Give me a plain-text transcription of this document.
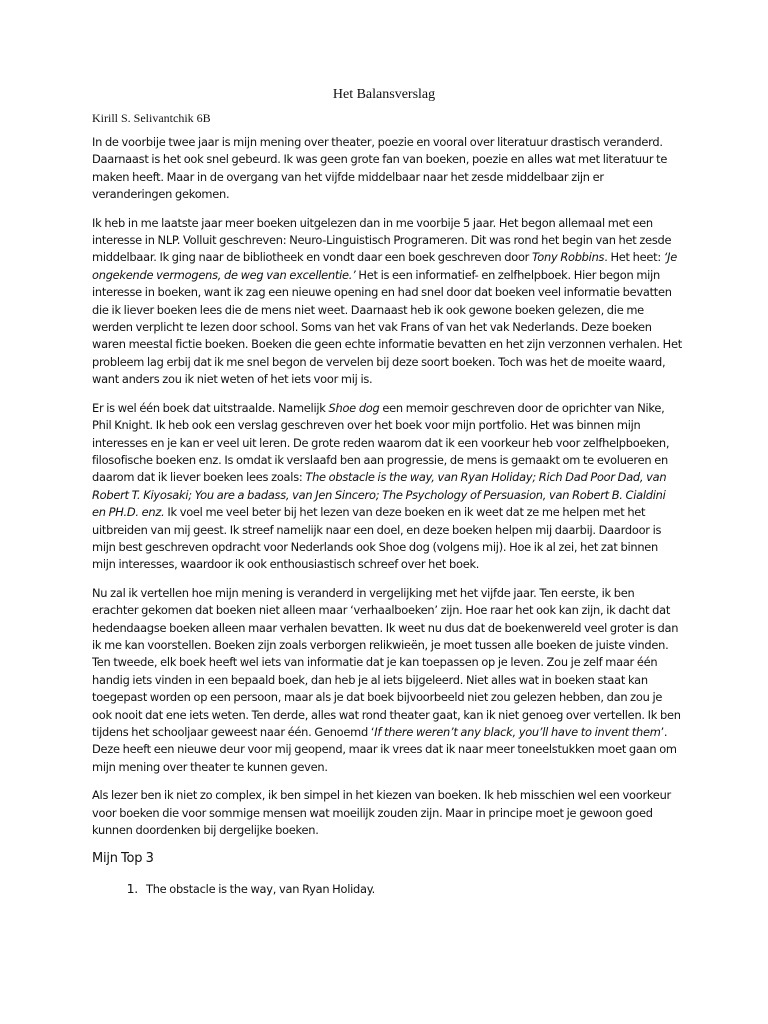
Het Balansverslag
Kirill S. Selivantchik 6B

In de voorbije twee jaar is mijn mening over theater, poezie en vooral over literatuur drastisch veranderd. Daarnaast is het ook snel gebeurd. Ik was geen grote fan van boeken, poezie en alles wat met literatuur te maken heeft. Maar in de overgang van het vijfde middelbaar naar het zesde middelbaar zijn er veranderingen gekomen.

Ik heb in me laatste jaar meer boeken uitgelezen dan in me voorbije 5 jaar. Het begon allemaal met een interesse in NLP. Volluit geschreven: Neuro-Linguistisch Programeren. Dit was rond het begin van het zesde middelbaar. Ik ging naar de bibliotheek en vondt daar een boek geschreven door Tony Robbins. Het heet: ‘Je ongekende vermogens, de weg van excellentie.’ Het is een informatief- en zelfhelpboek. Hier begon mijn interesse in boeken, want ik zag een nieuwe opening en had snel door dat boeken veel informatie bevatten die ik liever boeken lees die de mens niet weet. Daarnaast heb ik ook gewone boeken gelezen, die me werden verplicht te lezen door school. Soms van het vak Frans of van het vak Nederlands. Deze boeken waren meestal fictie boeken. Boeken die geen echte informatie bevatten en het zijn verzonnen verhalen. Het probleem lag erbij dat ik me snel begon de vervelen bij deze soort boeken. Toch was het de moeite waard, want anders zou ik niet weten of het iets voor mij is.

Er is wel één boek dat uitstraalde. Namelijk Shoe dog een memoir geschreven door de oprichter van Nike, Phil Knight. Ik heb ook een verslag geschreven over het boek voor mijn portfolio. Het was binnen mijn interesses en je kan er veel uit leren. De grote reden waarom dat ik een voorkeur heb voor zelfhelpboeken, filosofische boeken enz. Is omdat ik verslaafd ben aan progressie, de mens is gemaakt om te evolueren en daarom dat ik liever boeken lees zoals: The obstacle is the way, van Ryan Holiday; Rich Dad Poor Dad, van Robert T. Kiyosaki; You are a badass, van Jen Sincero; The Psychology of Persuasion, van Robert B. Cialdini en PH.D. enz. Ik voel me veel beter bij het lezen van deze boeken en ik weet dat ze me helpen met het uitbreiden van mij geest. Ik streef namelijk naar een doel, en deze boeken helpen mij daarbij. Daardoor is mijn best geschreven opdracht voor Nederlands ook Shoe dog (volgens mij). Hoe ik al zei, het zat binnen mijn interesses, waardoor ik ook enthousiastisch schreef over het boek.

Nu zal ik vertellen hoe mijn mening is veranderd in vergelijking met het vijfde jaar. Ten eerste, ik ben erachter gekomen dat boeken niet alleen maar ‘verhaalboeken’ zijn. Hoe raar het ook kan zijn, ik dacht dat hedendaagse boeken alleen maar verhalen bevatten. Ik weet nu dus dat de boekenwereld veel groter is dan ik me kan voorstellen. Boeken zijn zoals verborgen relikwieën, je moet tussen alle boeken de juiste vinden. Ten tweede, elk boek heeft wel iets van informatie dat je kan toepassen op je leven. Zou je zelf maar één handig iets vinden in een bepaald boek, dan heb je al iets bijgeleerd. Niet alles wat in boeken staat kan toegepast worden op een persoon, maar als je dat boek bijvoorbeeld niet zou gelezen hebben, dan zou je ook nooit dat ene iets weten. Ten derde, alles wat rond theater gaat, kan ik niet genoeg over vertellen. Ik ben tijdens het schooljaar geweest naar één. Genoemd ‘If there weren’t any black, you’ll have to invent them’. Deze heeft een nieuwe deur voor mij geopend, maar ik vrees dat ik naar meer toneelstukken moet gaan om mijn mening over theater te kunnen geven.

Als lezer ben ik niet zo complex, ik ben simpel in het kiezen van boeken. Ik heb misschien wel een voorkeur voor boeken die voor sommige mensen wat moeilijk zouden zijn. Maar in principe moet je gewoon goed kunnen doordenken bij dergelijke boeken.

Mijn Top 3
1. The obstacle is the way, van Ryan Holiday.
